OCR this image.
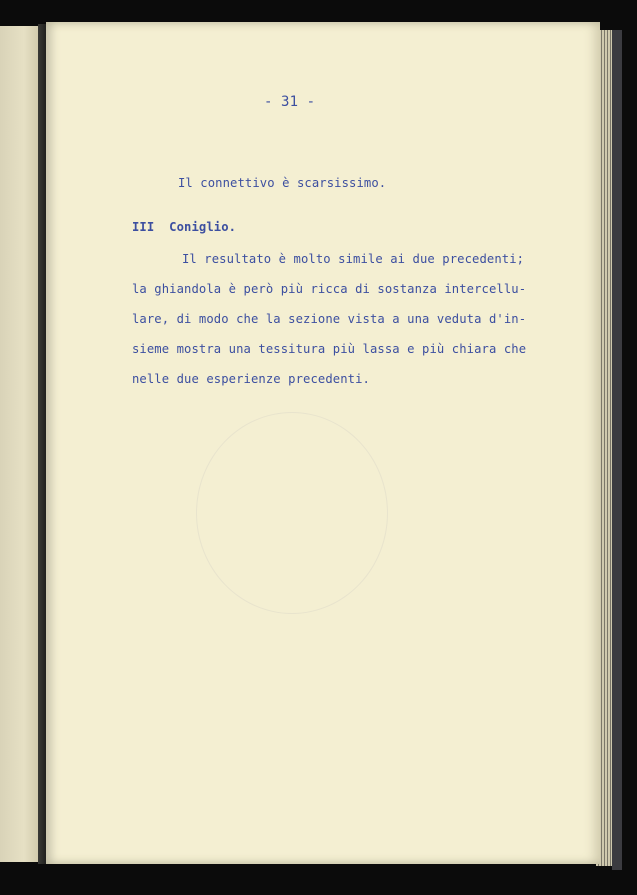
- 31 -
Il connettivo è scarsissimo.
III  Coniglio.
Il resultato è molto simile ai due precedenti;
la ghiandola è però più ricca di sostanza intercellu-
lare, di modo che la sezione vista a una veduta d'in-
sieme mostra una tessitura più lassa e più chiara che
nelle due esperienze precedenti.
